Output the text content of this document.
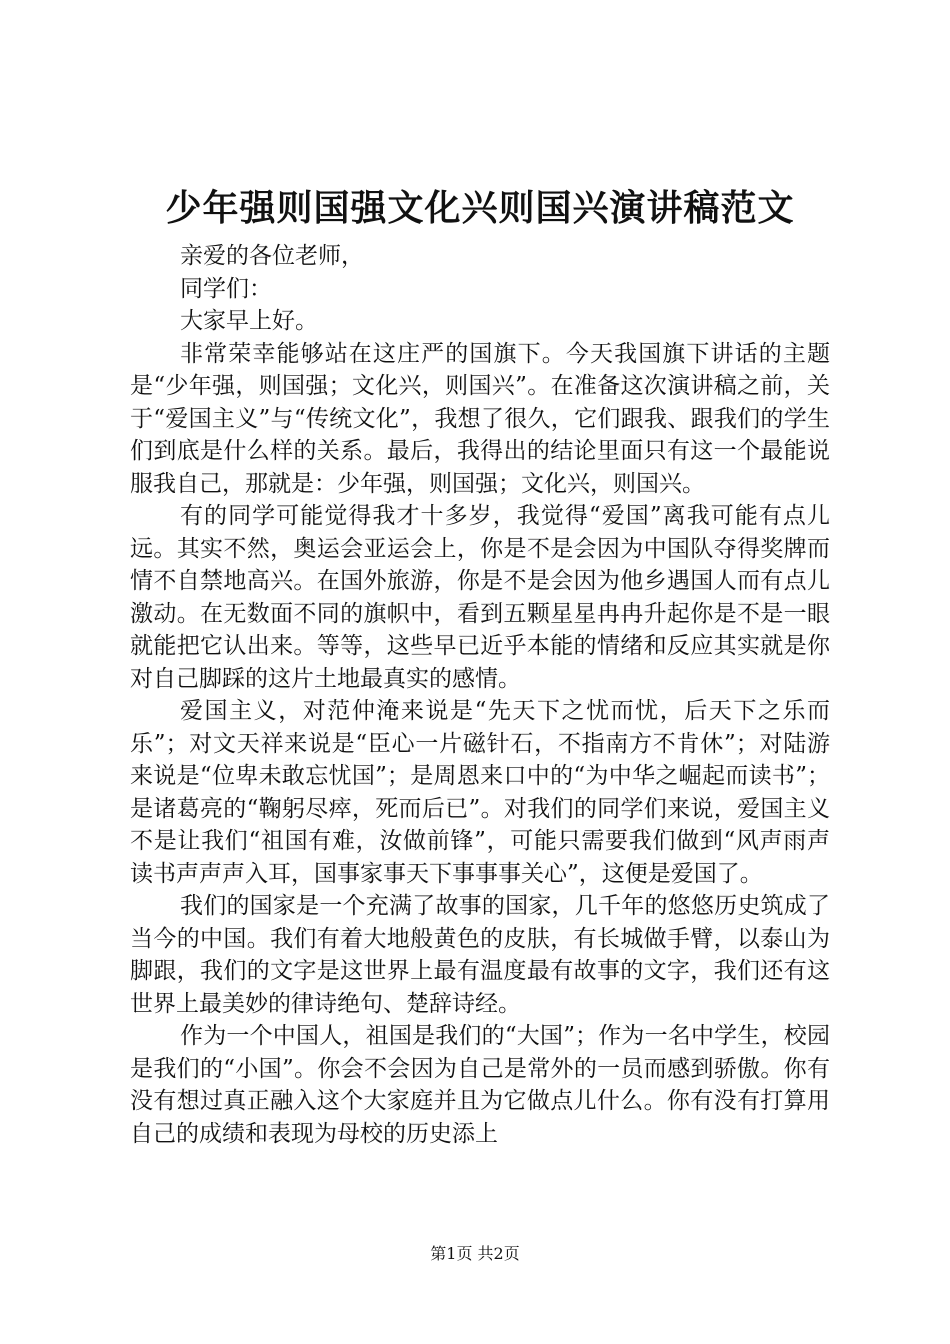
少年强则国强文化兴则国兴演讲稿范文
亲爱的各位老师，
同学们：
大家早上好。

非常荣幸能够站在这庄严的国旗下。今天我国旗下讲话的主题是“少年强，则国强；文化兴，则国兴”。在准备这次演讲稿之前，关于“爱国主义”与“传统文化”，我想了很久，它们跟我、跟我们的学生们到底是什么样的关系。最后，我得出的结论里面只有这一个最能说服我自己，那就是：少年强，则国强；文化兴，则国兴。

有的同学可能觉得我才十多岁，我觉得“爱国”离我可能有点儿远。其实不然，奥运会亚运会上，你是不是会因为中国队夺得奖牌而情不自禁地高兴。在国外旅游，你是不是会因为他乡遇国人而有点儿激动。在无数面不同的旗帜中，看到五颗星星冉冉升起你是不是一眼就能把它认出来。等等，这些早已近乎本能的情绪和反应其实就是你对自己脚踩的这片土地最真实的感情。

爱国主义，对范仲淹来说是“先天下之忧而忧，后天下之乐而乐”；对文天祥来说是“臣心一片磁针石，不指南方不肯休”；对陆游来说是“位卑未敢忘忧国”；是周恩来口中的“为中华之崛起而读书”；是诸葛亮的“鞠躬尽瘁，死而后已”。对我们的同学们来说，爱国主义不是让我们“祖国有难，汝做前锋”，可能只需要我们做到“风声雨声读书声声声入耳，国事家事天下事事事关心”，这便是爱国了。

我们的国家是一个充满了故事的国家，几千年的悠悠历史筑成了当今的中国。我们有着大地般黄色的皮肤，有长城做手臂，以泰山为脚跟，我们的文字是这世界上最有温度最有故事的文字，我们还有这世界上最美妙的律诗绝句、楚辞诗经。

作为一个中国人，祖国是我们的“大国”；作为一名中学生，校园是我们的“小国”。你会不会因为自己是常外的一员而感到骄傲。你有没有想过真正融入这个大家庭并且为它做点儿什么。你有没有打算用自己的成绩和表现为母校的历史添上

第1页 共2页
